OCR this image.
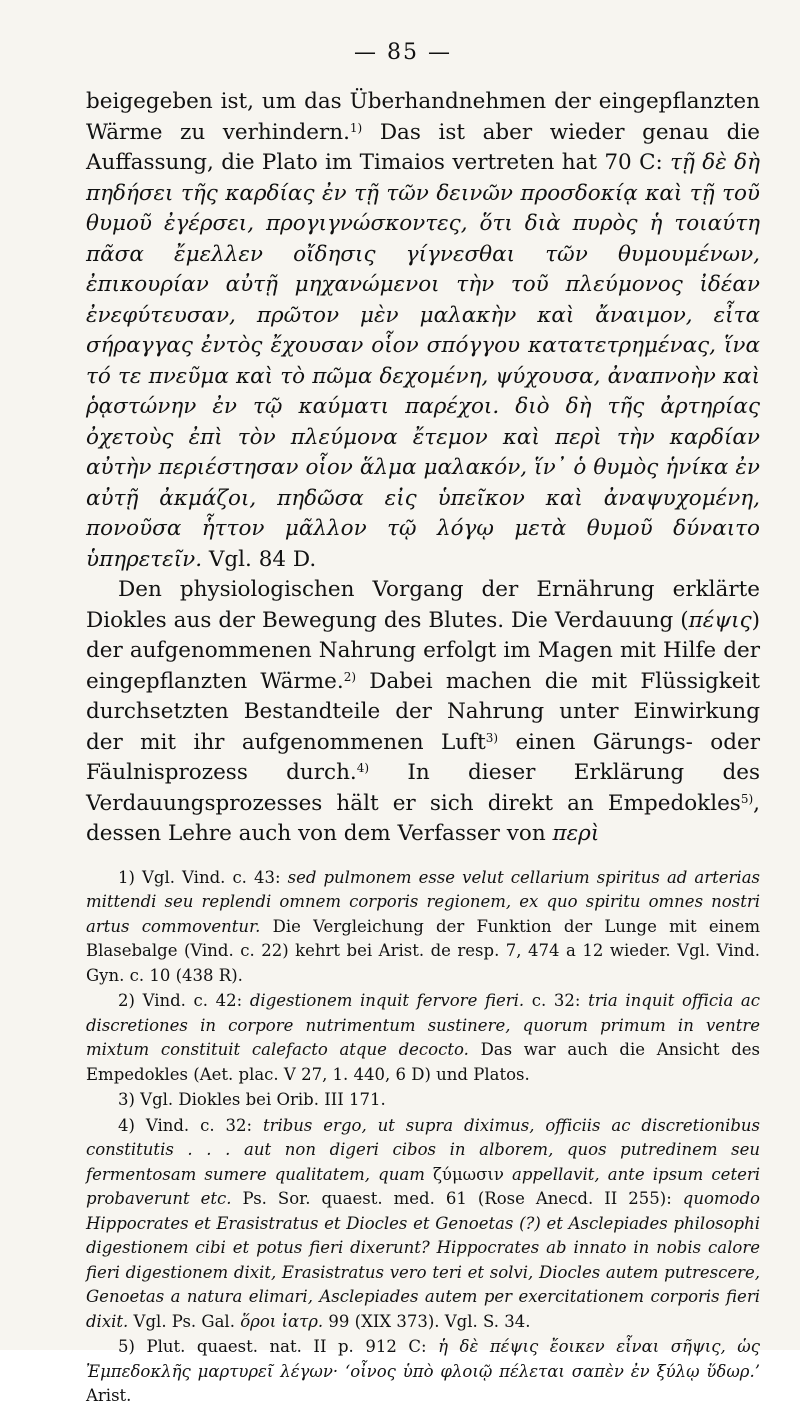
— 85 —

beigegeben ist, um das Überhandnehmen der eingepflanzten Wärme zu verhindern.$^{1)}$ Das ist aber wieder genau die Auffassung, die Plato im Timaios vertreten hat 70 C: τῇ δὲ δὴ πηδήσει τῆς καρδίας ἐν τῇ τῶν δεινῶν προσδοκίᾳ καὶ τῇ τοῦ θυμοῦ ἐγέρσει, προγιγνώσκοντες, ὅτι διὰ πυρὸς ἡ τοιαύτη πᾶσα ἔμελλεν οἴδησις γίγνεσθαι τῶν θυμουμένων, ἐπικουρίαν αὐτῇ μηχανώμενοι τὴν τοῦ πλεύμονος ἰδέαν ἐνεφύτευσαν, πρῶτον μὲν μαλακὴν καὶ ἄναιμον, εἶτα σήραγγας ἐντὸς ἔχουσαν οἷον σπόγγου κατατετρημένας, ἵνα τό τε πνεῦμα καὶ τὸ πῶμα δεχομένη, ψύχουσα, ἀναπνοὴν καὶ ῥᾳστώνην ἐν τῷ καύματι παρέχοι. διὸ δὴ τῆς ἀρτηρίας ὀχετοὺς ἐπὶ τὸν πλεύμονα ἔτεμον καὶ περὶ τὴν καρδίαν αὐτὴν περιέστησαν οἷον ἅλμα μαλακόν, ἵν᾽ ὁ θυμὸς ἡνίκα ἐν αὐτῇ ἀκμάζοι, πηδῶσα εἰς ὑπεῖκον καὶ ἀναψυχομένη, πονοῦσα ἧττον μᾶλλον τῷ λόγῳ μετὰ θυμοῦ δύναιτο ὑπηρετεῖν. Vgl. 84 D.

Den physiologischen Vorgang der Ernährung erklärte Diokles aus der Bewegung des Blutes. Die Verdauung (πέψις) der aufgenommenen Nahrung erfolgt im Magen mit Hilfe der eingepflanzten Wärme.$^{2)}$ Dabei machen die mit Flüssigkeit durchsetzten Bestandteile der Nahrung unter Einwirkung der mit ihr aufgenommenen Luft$^{3)}$ einen Gärungs- oder Fäulnisprozess durch.$^{4)}$ In dieser Erklärung des Verdauungsprozesses hält er sich direkt an Empedokles$^{5)}$, dessen Lehre auch von dem Verfasser von περὶ

1) Vgl. Vind. c. 43: sed pulmonem esse velut cellarium spiritus ad arterias mittendi seu replendi omnem corporis regionem, ex quo spiritu omnes nostri artus commoventur. Die Vergleichung der Funktion der Lunge mit einem Blasebalge (Vind. c. 22) kehrt bei Arist. de resp. 7, 474 a 12 wieder. Vgl. Vind. Gyn. c. 10 (438 R).

2) Vind. c. 42: digestionem inquit fervore fieri. c. 32: tria inquit officia ac discretiones in corpore nutrimentum sustinere, quorum primum in ventre mixtum constituit calefacto atque decocto. Das war auch die Ansicht des Empedokles (Aet. plac. V 27, 1. 440, 6 D) und Platos.

3) Vgl. Diokles bei Orib. III 171.

4) Vind. c. 32: tribus ergo, ut supra diximus, officiis ac discretionibus constitutis . . . aut non digeri cibos in alborem, quos putredinem seu fermentosam sumere qualitatem, quam ζύμωσιν appellavit, ante ipsum ceteri probaverunt etc. Ps. Sor. quaest. med. 61 (Rose Anecd. II 255): quomodo Hippocrates et Erasistratus et Diocles et Genoetas (?) et Asclepiades philosophi digestionem cibi et potus fieri dixerunt? Hippocrates ab innato in nobis calore fieri digestionem dixit, Erasistratus vero teri et solvi, Diocles autem putrescere, Genoetas a natura elimari, Asclepiades autem per exercitationem corporis fieri dixit. Vgl. Ps. Gal. ὅροι ἰατρ. 99 (XIX 373). Vgl. S. 34.

5) Plut. quaest. nat. II p. 912 C: ἡ δὲ πέψις ἔοικεν εἶναι σῆψις, ὡς Ἐμπεδοκλῆς μαρτυρεῖ λέγων· ‘οἶνος ὑπὸ φλοιῷ πέλεται σαπὲν ἐν ξύλῳ ὕδωρ.’ Arist.
